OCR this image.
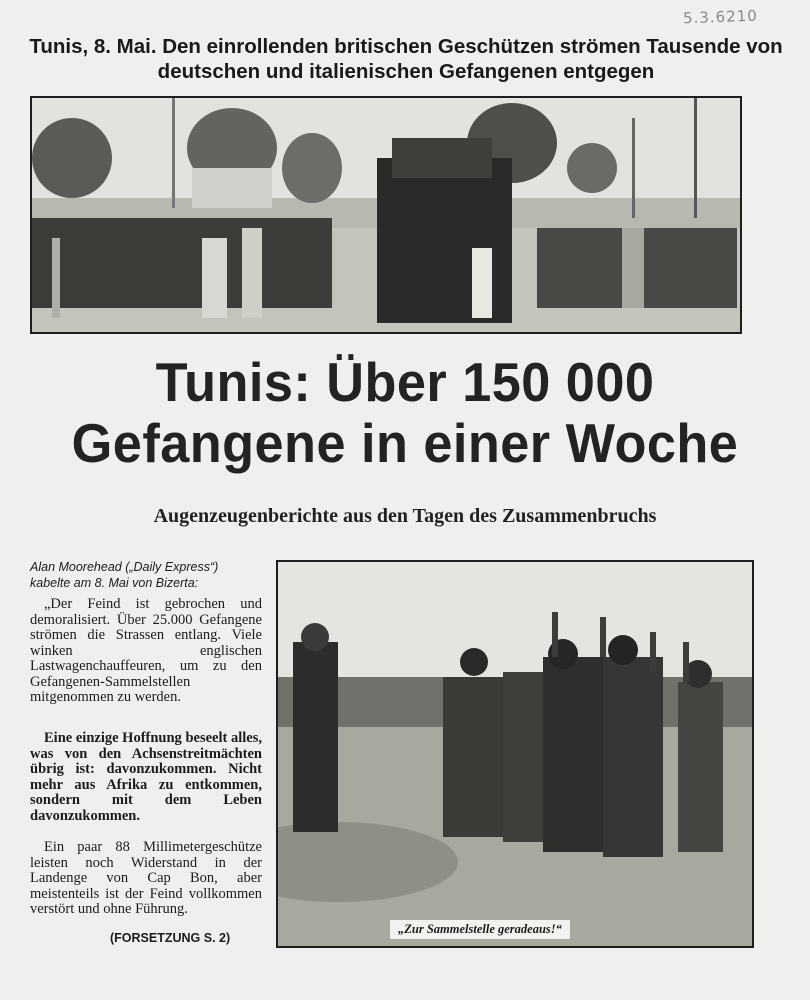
5.3.6210
Tunis, 8. Mai. Den einrollenden britischen Geschützen strömen Tausende von deutschen und italienischen Gefangenen entgegen
Tunis: Über 150 000
Gefangene in einer Woche
Augenzeugenberichte aus den Tagen des Zusammenbruchs
Alan Moorehead („Daily Express“)
kabelte am 8. Mai von Bizerta:

„Der Feind ist gebrochen und demoralisiert. Über 25.000 Gefangene strömen die Strassen entlang. Viele winken englischen Lastwagenchauffeuren, um zu den Gefangenen-Sammelstellen mitgenommen zu werden.

Eine einzige Hoffnung beseelt alles, was von den Achsenstreitmächten übrig ist: davonzukommen. Nicht mehr aus Afrika zu entkommen, sondern mit dem Leben davonzukommen.

Ein paar 88 Millimetergeschütze leisten noch Widerstand in der Landenge von Cap Bon, aber meistenteils ist der Feind vollkommen verstört und ohne Führung.

(FORSETZUNG S. 2)
„Zur Sammelstelle geradeaus!“
